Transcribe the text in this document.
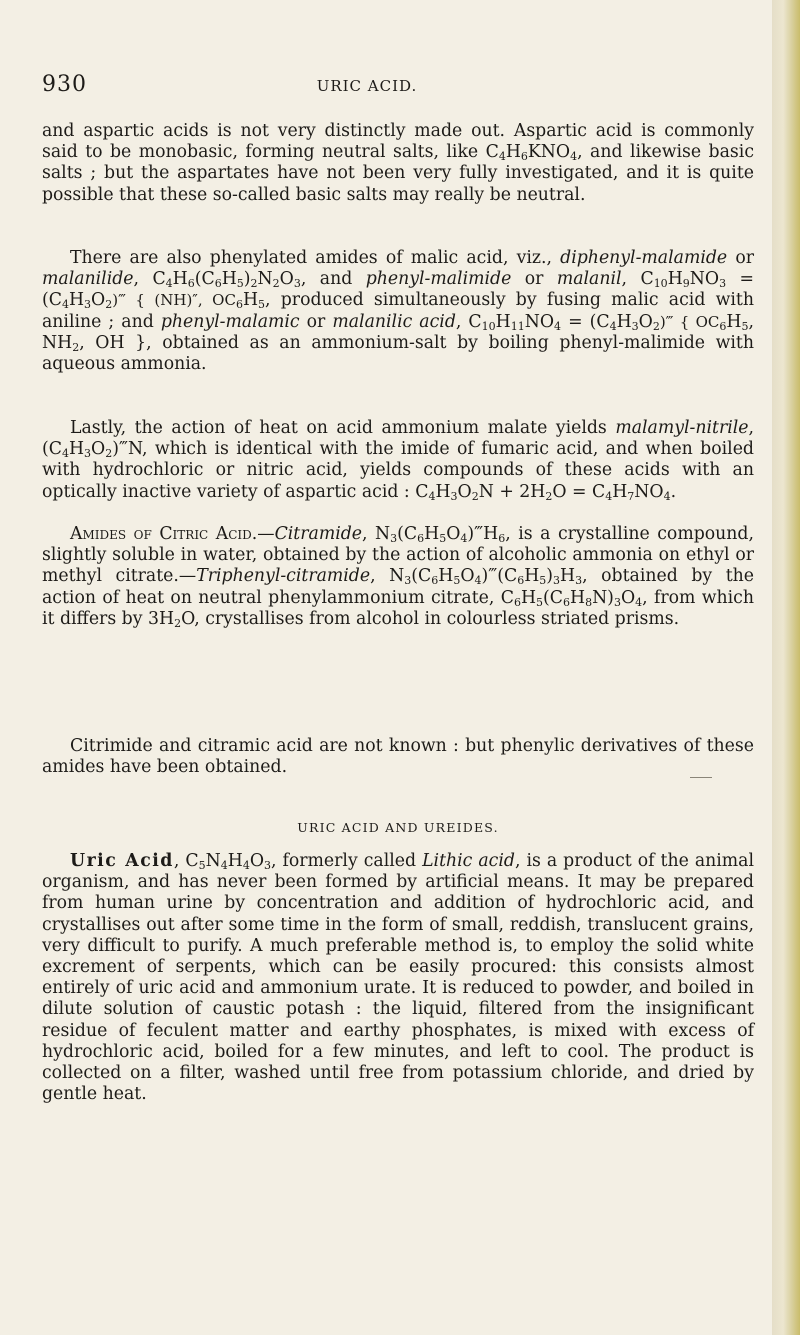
930	URIC ACID.

and aspartic acids is not very distinctly made out. Aspartic acid is commonly said to be monobasic, forming neutral salts, like $C_4H_6KNO_4$, and likewise basic salts ; but the aspartates have not been very fully investigated, and it is quite possible that these so-called basic salts may really be neutral.

There are also phenylated amides of malic acid, viz., diphenyl-malamide or malanilide, $C_4H_6(C_6H_5)_2N_2O_3$, and phenyl-malimide or malanil, $C_{10}H_9NO_3$ = $(C_4H_3O_2)‴$ { (NH)″, $OC_6H_5$, produced simultaneously by fusing malic acid with aniline ; and phenyl-malamic or malanilic acid, $C_{10}H_{11}NO_4$ = $(C_4H_3O_2)‴$ { $OC_6H_5$, $NH_2$, OH }, obtained as an ammonium-salt by boiling phenyl-malimide with aqueous ammonia.

Lastly, the action of heat on acid ammonium malate yields malamyl-nitrile, $(C_4H_3O_2)‴N$, which is identical with the imide of fumaric acid, and when boiled with hydrochloric or nitric acid, yields compounds of these acids with an optically inactive variety of aspartic acid : $C_4H_3O_2N + 2H_2O = C_4H_7NO_4$.

Amides of Citric Acid.—Citramide, $N_3(C_6H_5O_4)‴H_6$, is a crystalline compound, slightly soluble in water, obtained by the action of alcoholic ammonia on ethyl or methyl citrate.—Triphenyl-citramide, $N_3(C_6H_5O_4)‴(C_6H_5)_3H_3$, obtained by the action of heat on neutral phenylammonium citrate, $C_6H_5(C_6H_8N)_3O_4$, from which it differs by $3H_2O$, crystallises from alcohol in colourless striated prisms.

Citrimide and citramic acid are not known : but phenylic derivatives of these amides have been obtained.

URIC ACID AND UREIDES.

Uric Acid, $C_5N_4H_4O_3$, formerly called Lithic acid, is a product of the animal organism, and has never been formed by artificial means. It may be prepared from human urine by concentration and addition of hydrochloric acid, and crystallises out after some time in the form of small, reddish, translucent grains, very difficult to purify. A much preferable method is, to employ the solid white excrement of serpents, which can be easily procured: this consists almost entirely of uric acid and ammonium urate. It is reduced to powder, and boiled in dilute solution of caustic potash : the liquid, filtered from the insignificant residue of feculent matter and earthy phosphates, is mixed with excess of hydrochloric acid, boiled for a few minutes, and left to cool. The product is collected on a filter, washed until free from potassium chloride, and dried by gentle heat.
